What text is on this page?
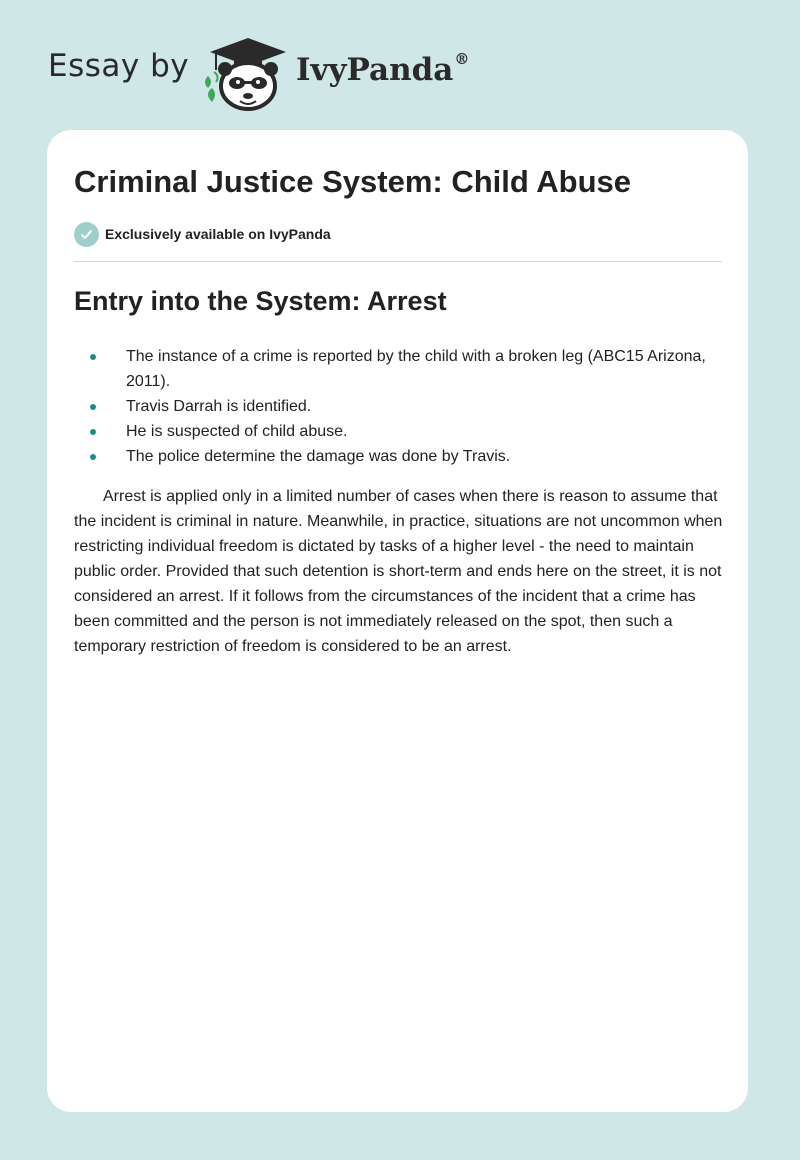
Essay by	IvyPanda®
Criminal Justice System: Child Abuse
Exclusively available on IvyPanda
Entry into the System: Arrest
The instance of a crime is reported by the child with a broken leg (ABC15 Arizona, 2011).
Travis Darrah is identified.
He is suspected of child abuse.
The police determine the damage was done by Travis.

Arrest is applied only in a limited number of cases when there is reason to assume that the incident is criminal in nature. Meanwhile, in practice, situations are not uncommon when restricting individual freedom is dictated by tasks of a higher level - the need to maintain public order. Provided that such detention is short-term and ends here on the street, it is not considered an arrest. If it follows from the circumstances of the incident that a crime has been committed and the person is not immediately released on the spot, then such a temporary restriction of freedom is considered to be an arrest.
